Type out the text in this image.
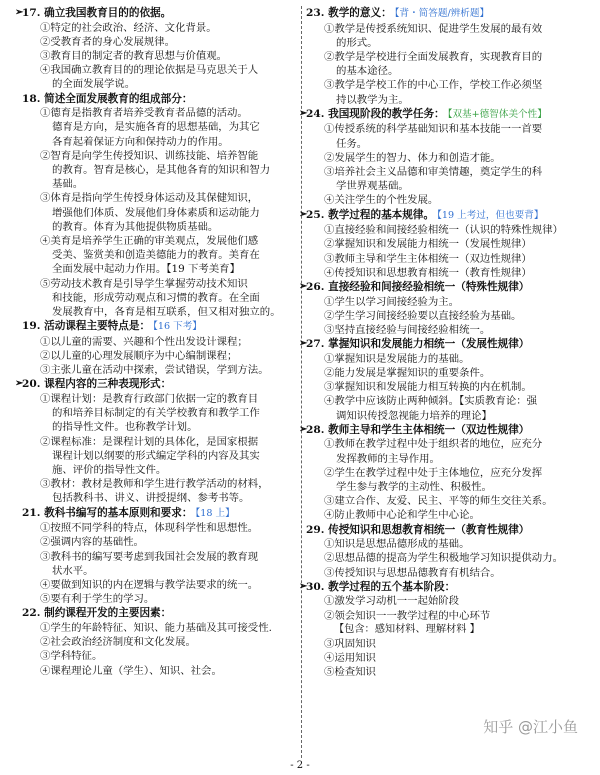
➢
17. 确立我国教育目的的依据。

①特定的社会政治、经济、文化背景。

②受教育者的身心发展规律。

③教育目的制定者的教育思想与价值观。

④我国确立教育目的的理论依据是马克思关于人

的全面发展学说。

18. 简述全面发展教育的组成部分：

①德育是指教育者培养受教育者品德的活动。

德育是方向，是实施各育的思想基础，为其它

各育起着保证方向和保持动力的作用。

②智育是向学生传授知识、训练技能、培养智能

的教育。智育是核心，是其他各育的知识和智力

基础。

③体育是指向学生传授身体运动及其保健知识，

增强他们体质、发展他们身体素质和运动能力

的教育。体育为其他提供物质基础。

④美育是培养学生正确的审美观点，发展他们感

受美、鉴赏美和创造美德能力的教育。美育在

全面发展中起动力作用。【19 下考美育】

⑤劳动技术教育是引导学生掌握劳动技术知识

和技能，形成劳动观点和习惯的教育。在全面

发展教育中，各育是相互联系，但又相对独立的。

19. 活动课程主要特点是： 【16 下考】

①以儿童的需要、兴趣和个性出发设计课程；

②以儿童的心理发展顺序为中心编制课程；

③主张儿童在活动中探索，尝试错误，学到方法。

➢
20. 课程内容的三种表现形式：

①课程计划：是教育行政部门依据一定的教育目

的和培养目标制定的有关学校教育和教学工作

的指导性文件。也称教学计划。

②课程标准：是课程计划的具体化，是国家根据

课程计划以纲要的形式编定学科的内容及其实

施、评价的指导性文件。

③教材：教材是教师和学生进行教学活动的材料，

包括教科书、讲义、讲授提纲、参考书等。

21. 教科书编写的基本原则和要求： 【18 上】

①按照不同学科的特点，体现科学性和思想性。

②强调内容的基础性。

③教科书的编写要考虑到我国社会发展的教育现

状水平。

④要做到知识的内在逻辑与教学法要求的统一。

⑤要有利于学生的学习。

22. 制约课程开发的主要因素：

①学生的年龄特征、知识、能力基础及其可接受性.

②社会政治经济制度和文化发展。

③学科特征。

④课程理论儿童（学生）、知识、社会。

23. 教学的意义： 【背・简答题/辨析题】

①教学是传授系统知识、促进学生发展的最有效

的形式。

②教学是学校进行全面发展教育，实现教育目的

的基本途径。

③教学是学校工作的中心工作，学校工作必须坚

持以教学为主。

➢
24. 我国现阶段的教学任务： 【双基+德智体美个性】

①传授系统的科学基础知识和基本技能一一首要

任务。

②发展学生的智力、体力和创造才能。

③培养社会主义品德和审美情趣，奠定学生的科

学世界观基础。

④关注学生的个性发展。

➢
25. 教学过程的基本规律。 【19 上考过，但也要背】

①直接经验和间接经验相统一（认识的特殊性规律）

②掌握知识和发展能力相统一（发展性规律）

③教师主导和学生主体相统一（双边性规律）

④传授知识和思想教育相统一（教育性规律）

➢
26. 直接经验和间接经验相统一（特殊性规律）

①学生以学习间接经验为主。

②学生学习间接经验要以直接经验为基础。

③坚持直接经验与间接经验相统一。

➢
27. 掌握知识和发展能力相统一（发展性规律）

①掌握知识是发展能力的基础。

②能力发展是掌握知识的重要条件。

③掌握知识和发展能力相互转换的内在机制。

④教学中应该防止两种倾斜。【实质教育论：强

调知识传授忽视能力培养的理论】

➢
28. 教师主导和学生主体相统一（双边性规律）

①教师在教学过程中处于组织者的地位，应充分

发挥教师的主导作用。

②学生在教学过程中处于主体地位，应充分发挥

学生参与教学的主动性、积极性。

③建立合作、友爱、民主、平等的师生交往关系。

④防止教师中心论和学生中心论。

29. 传授知识和思想教育相统一（教育性规律）

①知识是思想品德形成的基础。

②思想品德的提高为学生积极地学习知识提供动力。

③传授知识与思想品德教育有机结合。

➢
30. 教学过程的五个基本阶段：

①激发学习动机一一起始阶段

②领会知识一一教学过程的中心环节

【包含：感知材料、理解材料 】

③巩固知识

④运用知识

⑤检查知识

- 2 -
知乎 @江小鱼
